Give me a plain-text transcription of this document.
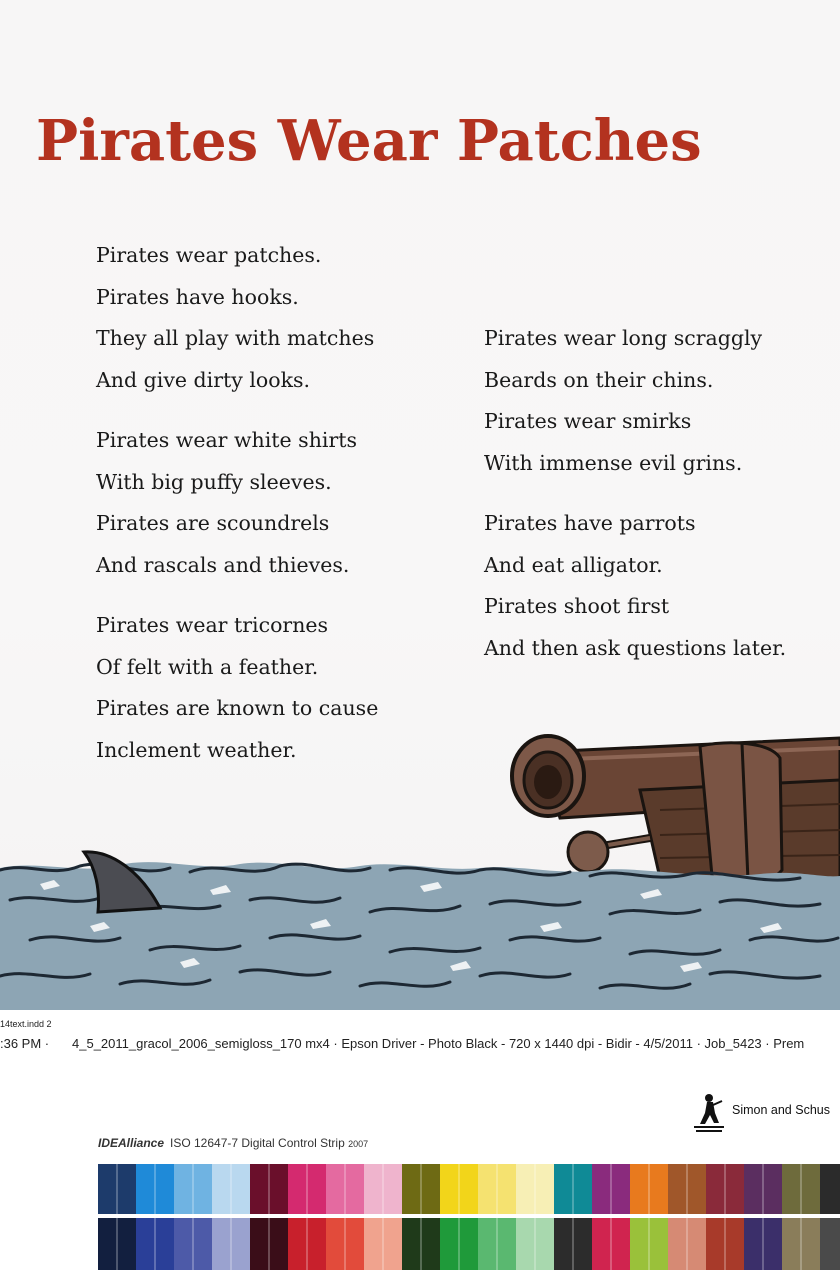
Pirates Wear Patches
Pirates wear patches.
Pirates have hooks.
They all play with matches
And give dirty looks.
Pirates wear white shirts
With big puffy sleeves.
Pirates are scoundrels
And rascals and thieves.
Pirates wear tricornes
Of felt with a feather.
Pirates are known to cause
Inclement weather.
Pirates wear long scraggly
Beards on their chins.
Pirates wear smirks
With immense evil grins.
Pirates have parrots
And eat alligator.
Pirates shoot first
And then ask questions later.
14text.indd 2
:36 PM · 4_5_2011_gracol_2006_semigloss_170 mx4 · Epson Driver - Photo Black - 720 x 1440 dpi - Bidir - 4/5/2011 · Job_5423 · Prem
Simon and Schus
IDEAlliance ISO 12647-7 Digital Control Strip 2007
